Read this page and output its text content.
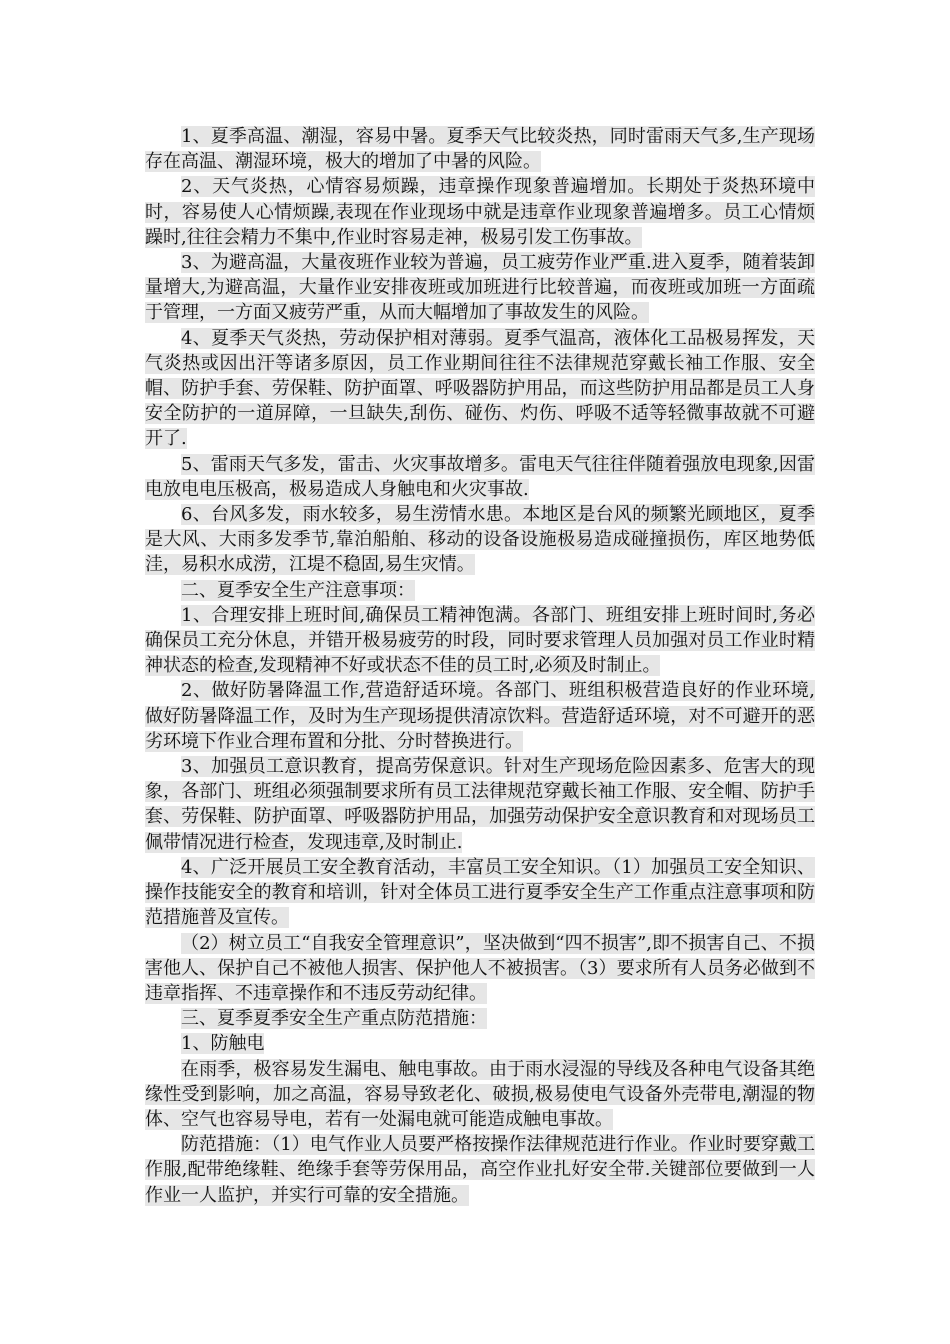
1、夏季高温、潮湿，容易中暑。夏季天气比较炎热，同时雷雨天气多,生产现场存在高温、潮湿环境，极大的增加了中暑的风险。

2、天气炎热，心情容易烦躁，违章操作现象普遍增加。长期处于炎热环境中时，容易使人心情烦躁,表现在作业现场中就是违章作业现象普遍增多。员工心情烦躁时,往往会精力不集中,作业时容易走神，极易引发工伤事故。

3、为避高温，大量夜班作业较为普遍，员工疲劳作业严重.进入夏季，随着装卸量增大,为避高温，大量作业安排夜班或加班进行比较普遍，而夜班或加班一方面疏于管理，一方面又疲劳严重，从而大幅增加了事故发生的风险。

4、夏季天气炎热，劳动保护相对薄弱。夏季气温高，液体化工品极易挥发，天气炎热或因出汗等诸多原因，员工作业期间往往不法律规范穿戴长袖工作服、安全帽、防护手套、劳保鞋、防护面罩、呼吸器防护用品，而这些防护用品都是员工人身安全防护的一道屏障，一旦缺失,刮伤、碰伤、灼伤、呼吸不适等轻微事故就不可避开了.

5、雷雨天气多发，雷击、火灾事故增多。雷电天气往往伴随着强放电现象,因雷电放电电压极高，极易造成人身触电和火灾事故.

6、台风多发，雨水较多，易生涝情水患。本地区是台风的频繁光顾地区，夏季是大风、大雨多发季节,靠泊船舶、移动的设备设施极易造成碰撞损伤，库区地势低洼，易积水成涝，江堤不稳固,易生灾情。

二、夏季安全生产注意事项：

1、合理安排上班时间,确保员工精神饱满。各部门、班组安排上班时间时,务必确保员工充分休息，并错开极易疲劳的时段，同时要求管理人员加强对员工作业时精神状态的检查,发现精神不好或状态不佳的员工时,必须及时制止。

2、做好防暑降温工作,营造舒适环境。各部门、班组积极营造良好的作业环境,做好防暑降温工作，及时为生产现场提供清凉饮料。营造舒适环境，对不可避开的恶劣环境下作业合理布置和分批、分时替换进行。

3、加强员工意识教育，提高劳保意识。针对生产现场危险因素多、危害大的现象，各部门、班组必须强制要求所有员工法律规范穿戴长袖工作服、安全帽、防护手套、劳保鞋、防护面罩、呼吸器防护用品，加强劳动保护安全意识教育和对现场员工佩带情况进行检查，发现违章,及时制止.

4、广泛开展员工安全教育活动，丰富员工安全知识。（1）加强员工安全知识、操作技能安全的教育和培训，针对全体员工进行夏季安全生产工作重点注意事项和防范措施普及宣传。

（2）树立员工“自我安全管理意识”，坚决做到“四不损害”,即不损害自己、不损害他人、保护自己不被他人损害、保护他人不被损害。（3）要求所有人员务必做到不违章指挥、不违章操作和不违反劳动纪律。

三、夏季夏季安全生产重点防范措施：

1、防触电

在雨季，极容易发生漏电、触电事故。由于雨水浸湿的导线及各种电气设备其绝缘性受到影响，加之高温，容易导致老化、破损,极易使电气设备外壳带电,潮湿的物体、空气也容易导电，若有一处漏电就可能造成触电事故。

防范措施：（1）电气作业人员要严格按操作法律规范进行作业。作业时要穿戴工作服,配带绝缘鞋、绝缘手套等劳保用品，高空作业扎好安全带.关键部位要做到一人作业一人监护，并实行可靠的安全措施。
